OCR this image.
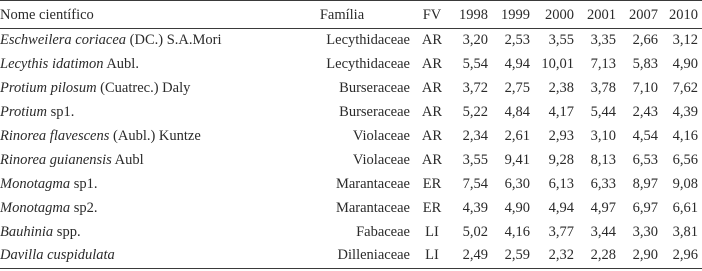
Nome científico	Família	FV	1998	1999	2000	2001	2007	2010
Eschweilera coriacea (DC.) S.A.Mori	Lecythidaceae	AR	3,20	2,53	3,55	3,35	2,66	3,12
Lecythis idatimon Aubl.	Lecythidaceae	AR	5,54	4,94	10,01	7,13	5,83	4,90
Protium pilosum (Cuatrec.) Daly	Burseraceae	AR	3,72	2,75	2,38	3,78	7,10	7,62
Protium sp1.	Burseraceae	AR	5,22	4,84	4,17	5,44	2,43	4,39
Rinorea flavescens (Aubl.) Kuntze	Violaceae	AR	2,34	2,61	2,93	3,10	4,54	4,16
Rinorea guianensis Aubl	Violaceae	AR	3,55	9,41	9,28	8,13	6,53	6,56
Monotagma sp1.	Marantaceae	ER	7,54	6,30	6,13	6,33	8,97	9,08
Monotagma sp2.	Marantaceae	ER	4,39	4,90	4,94	4,97	6,97	6,61
Bauhinia spp.	Fabaceae	LI	5,02	4,16	3,77	3,44	3,30	3,81
Davilla cuspidulata	Dilleniaceae	LI	2,49	2,59	2,32	2,28	2,90	2,96
